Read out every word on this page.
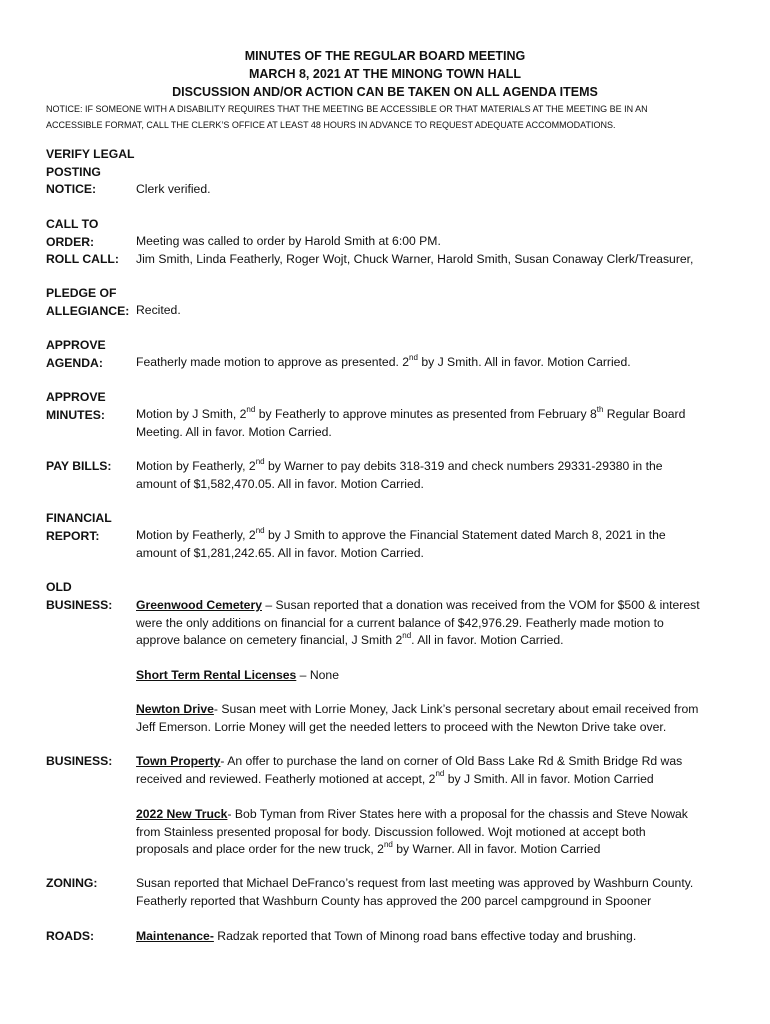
MINUTES OF THE REGULAR BOARD MEETING
MARCH 8, 2021 AT THE MINONG TOWN HALL
DISCUSSION AND/OR ACTION CAN BE TAKEN ON ALL AGENDA ITEMS
NOTICE: IF SOMEONE WITH A DISABILITY REQUIRES THAT THE MEETING BE ACCESSIBLE OR THAT MATERIALS AT THE MEETING BE IN AN
ACCESSIBLE FORMAT, CALL THE CLERK’S OFFICE AT LEAST 48 HOURS IN ADVANCE TO REQUEST ADEQUATE ACCOMMODATIONS.
VERIFY LEGAL
POSTING
NOTICE:	Clerk verified.
CALL TO
ORDER:	Meeting was called to order by Harold Smith at 6:00 PM.
ROLL CALL: Jim Smith, Linda Featherly, Roger Wojt, Chuck Warner, Harold Smith, Susan Conaway Clerk/Treasurer,
PLEDGE OF
ALLEGIANCE: Recited.
APPROVE
AGENDA:	Featherly made motion to approve as presented. 2nd by J Smith. All in favor. Motion Carried.
APPROVE
MINUTES:	Motion by J Smith, 2nd by Featherly to approve minutes as presented from February 8th Regular Board
Meeting. All in favor. Motion Carried.
PAY BILLS: Motion by Featherly, 2nd by Warner to pay debits 318-319 and check numbers 29331-29380 in the
amount of $1,582,470.05. All in favor. Motion Carried.
FINANCIAL
REPORT:	Motion by Featherly, 2nd by J Smith to approve the Financial Statement dated March 8, 2021 in the
amount of $1,281,242.65. All in favor. Motion Carried.
OLD
BUSINESS: Greenwood Cemetery – Susan reported that a donation was received from the VOM for $500 & interest
were the only additions on financial for a current balance of $42,976.29. Featherly made motion to
approve balance on cemetery financial, J Smith 2nd. All in favor. Motion Carried.
Short Term Rental Licenses – None
Newton Drive- Susan meet with Lorrie Money, Jack Link’s personal secretary about email received from
Jeff Emerson. Lorrie Money will get the needed letters to proceed with the Newton Drive take over.
BUSINESS: Town Property- An offer to purchase the land on corner of Old Bass Lake Rd & Smith Bridge Rd was
received and reviewed. Featherly motioned at accept, 2nd by J Smith. All in favor. Motion Carried
2022 New Truck- Bob Tyman from River States here with a proposal for the chassis and Steve Nowak
from Stainless presented proposal for body. Discussion followed. Wojt motioned at accept both
proposals and place order for the new truck, 2nd by Warner. All in favor. Motion Carried
ZONING:	Susan reported that Michael DeFranco’s request from last meeting was approved by Washburn County.
Featherly reported that Washburn County has approved the 200 parcel campground in Spooner
ROADS:	Maintenance- Radzak reported that Town of Minong road bans effective today and brushing.
